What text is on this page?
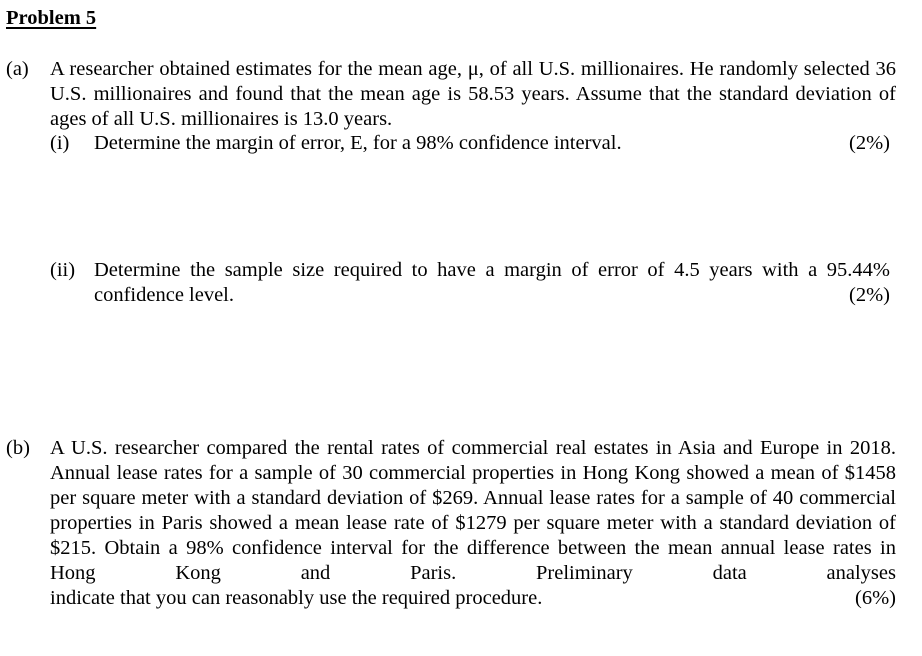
Problem 5
(a) A researcher obtained estimates for the mean age, μ, of all U.S. millionaires. He randomly selected 36 U.S. millionaires and found that the mean age is 58.53 years. Assume that the standard deviation of ages of all U.S. millionaires is 13.0 years.
(i) Determine the margin of error, E, for a 98% confidence interval.	(2%)
(ii) Determine the sample size required to have a margin of error of 4.5 years with a 95.44%
confidence level.	(2%)
(b) A U.S. researcher compared the rental rates of commercial real estates in Asia and Europe in 2018. Annual lease rates for a sample of 30 commercial properties in Hong Kong showed a mean of $1458 per square meter with a standard deviation of $269. Annual lease rates for a sample of 40 commercial properties in Paris showed a mean lease rate of $1279 per square meter with a standard deviation of $215. Obtain a 98% confidence interval for the difference between the mean annual lease rates in Hong Kong and Paris. Preliminary data analyses
indicate that you can reasonably use the required procedure.	(6%)
